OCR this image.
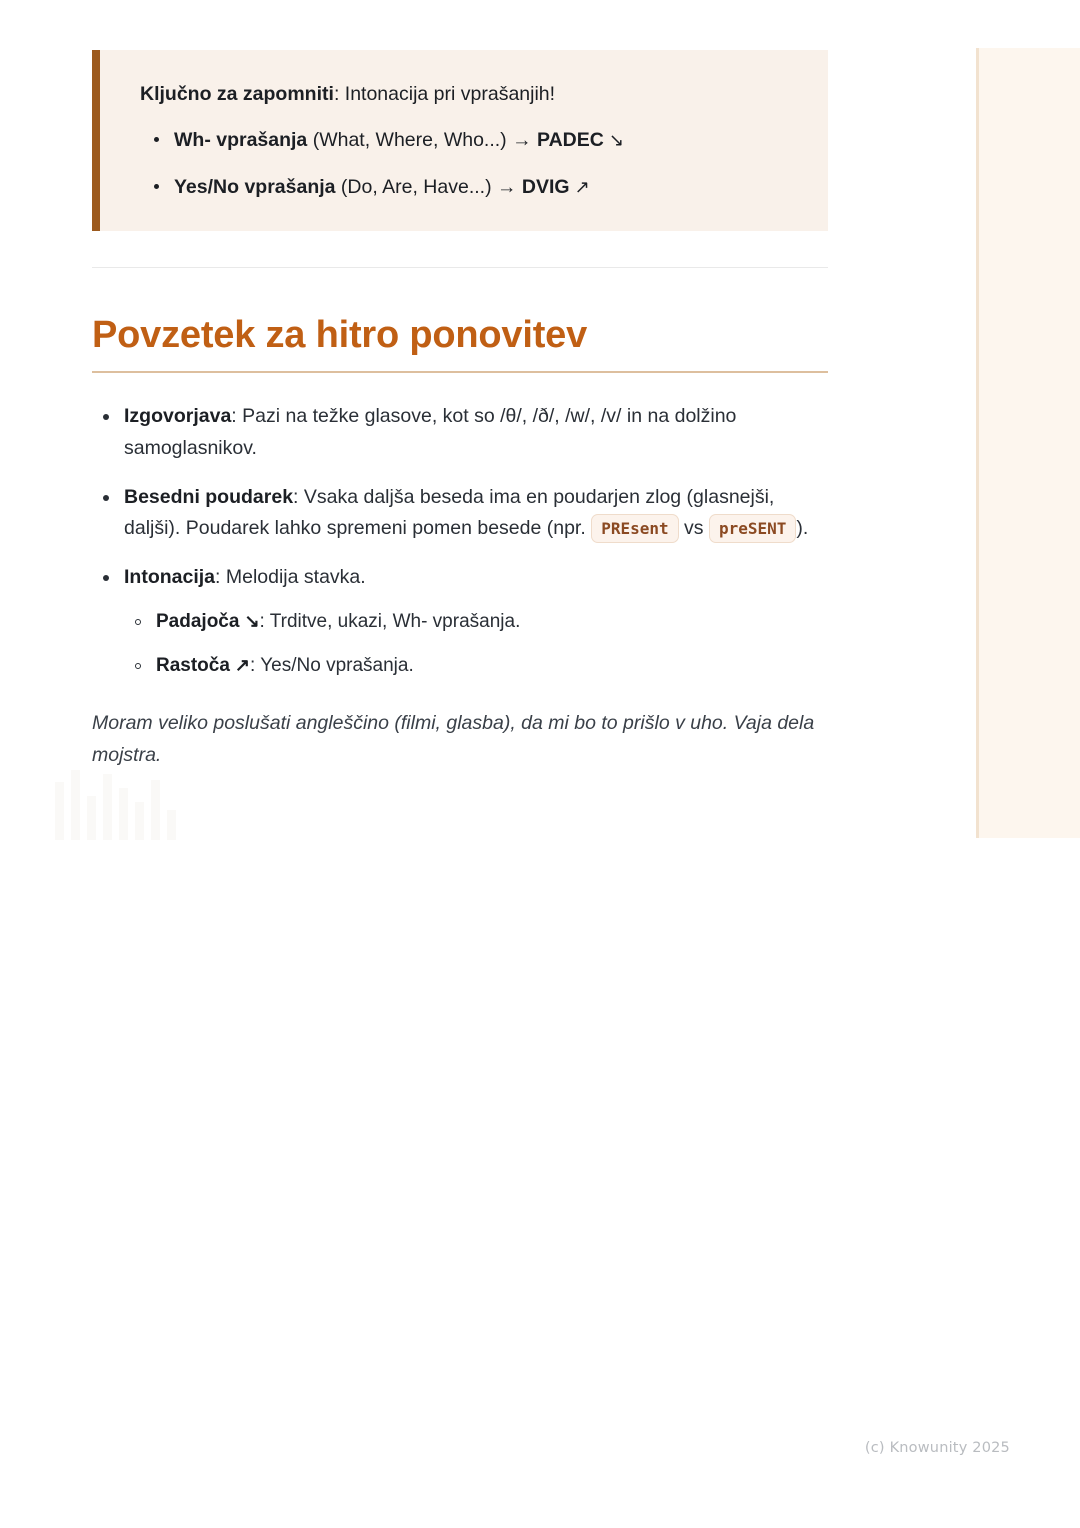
Ključno za zapomniti: Intonacija pri vprašanjih!

Wh- vprašanja (What, Where, Who...) → PADEC ↘
Yes/No vprašanja (Do, Are, Have...) → DVIG ↗
Povzetek za hitro ponovitev
Izgovorjava: Pazi na težke glasove, kot so /θ/, /ð/, /w/, /v/ in na dolžino samoglasnikov.
Besedni poudarek: Vsaka daljša beseda ima en poudarjen zlog (glasnejši, daljši). Poudarek lahko spremeni pomen besede (npr. PREsent vs preSENT ).
Intonacija: Melodija stavka.
Padajoča ↘: Trditve, ukazi, Wh- vprašanja.
Rastoča ↗: Yes/No vprašanja.

Moram veliko poslušati angleščino (filmi, glasba), da mi bo to prišlo v uho. Vaja dela mojstra.

(c) Knowunity 2025
